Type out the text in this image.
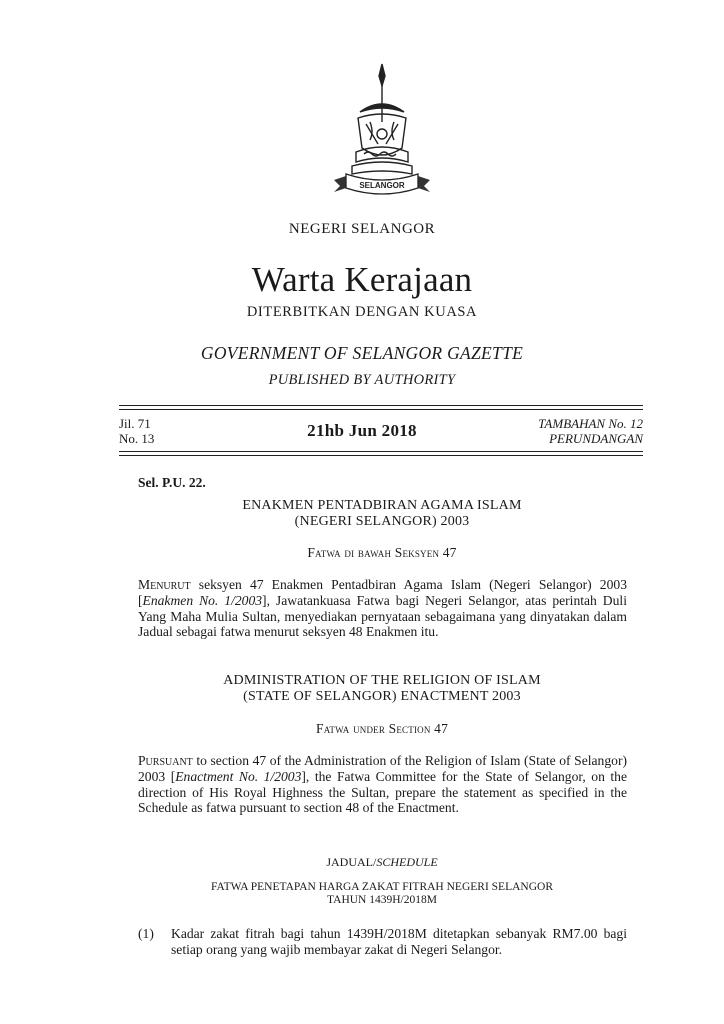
SELANGOR
NEGERI SELANGOR
Warta Kerajaan
DITERBITKAN DENGAN KUASA
GOVERNMENT OF SELANGOR GAZETTE
PUBLISHED BY AUTHORITY
Jil. 71
No. 13	21hb Jun 2018	TAMBAHAN No. 12
PERUNDANGAN
Sel. P.U. 22.
ENAKMEN PENTADBIRAN AGAMA ISLAM
(NEGERI SELANGOR) 2003
Fatwa di bawah Seksyen 47
Menurut seksyen 47 Enakmen Pentadbiran Agama Islam (Negeri Selangor) 2003 [Enakmen No. 1/2003], Jawatankuasa Fatwa bagi Negeri Selangor, atas perintah Duli Yang Maha Mulia Sultan, menyediakan pernyataan sebagaimana yang dinyatakan dalam Jadual sebagai fatwa menurut seksyen 48 Enakmen itu.
ADMINISTRATION OF THE RELIGION OF ISLAM
(STATE OF SELANGOR) ENACTMENT 2003
Fatwa under Section 47
Pursuant to section 47 of the Administration of the Religion of Islam (State of Selangor) 2003 [Enactment No. 1/2003], the Fatwa Committee for the State of Selangor, on the direction of His Royal Highness the Sultan, prepare the statement as specified in the Schedule as fatwa pursuant to section 48 of the Enactment.
JADUAL/SCHEDULE
FATWA PENETAPAN HARGA ZAKAT FITRAH NEGERI SELANGOR
TAHUN 1439H/2018M
(1) Kadar zakat fitrah bagi tahun 1439H/2018M ditetapkan sebanyak RM7.00 bagi setiap orang yang wajib membayar zakat di Negeri Selangor.
